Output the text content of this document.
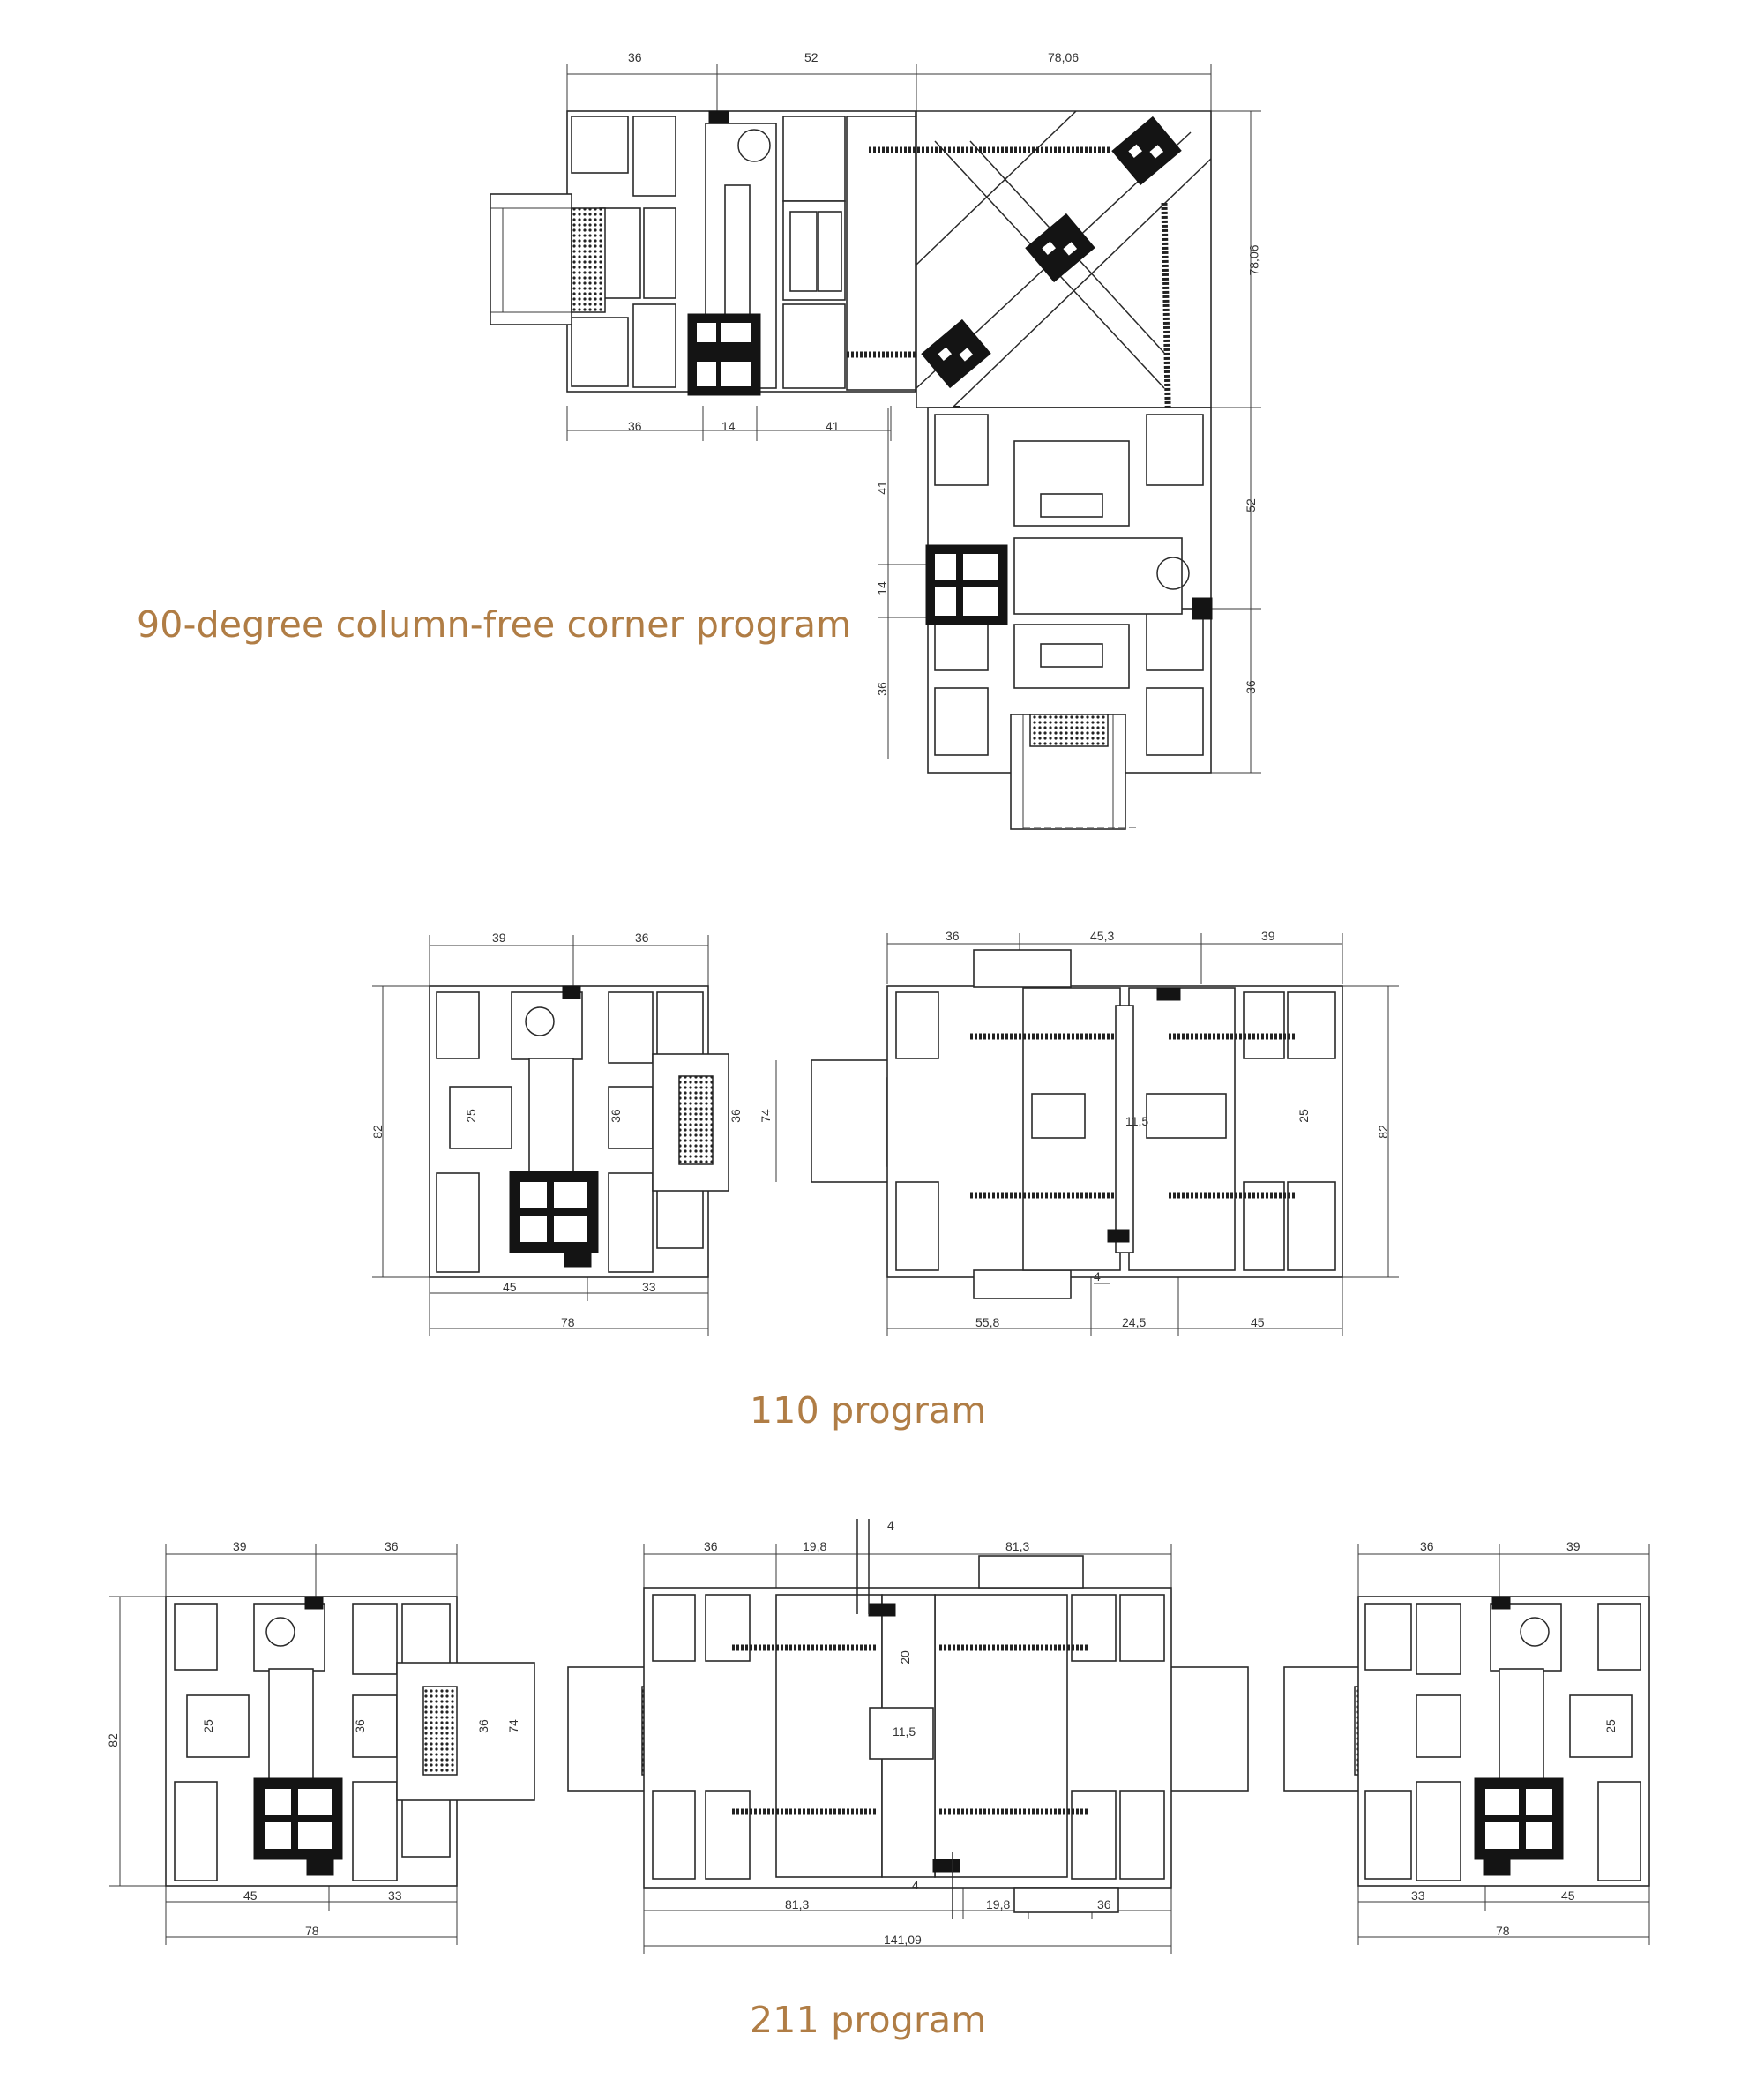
36	52	78,06
36	14	41
78,06
52
36
41
14
36
39	36
82
25	36	36 74
45	33
78
36	45,3	39
11,5
82
25
4
55,8	24,5	45
39	36
82
25	36	36 74
45	33
78
36	19,8
4
81,3
20
11,5
4
81,3	19,8	36
141,09
36	39
25
33	45
78
90-degree column-free corner program
110 program
211 program
